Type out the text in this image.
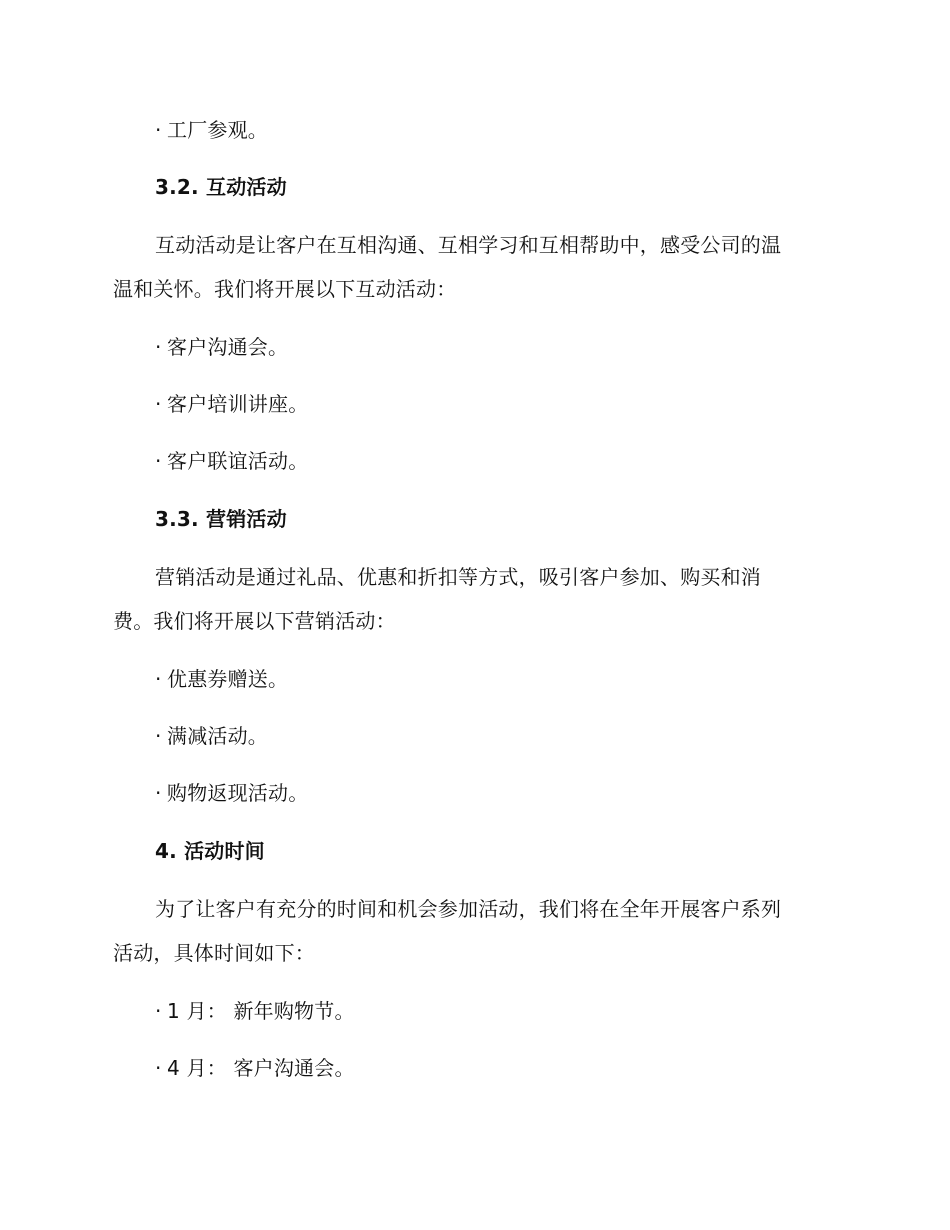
· 工厂参观。
3.2. 互动活动
互动活动是让客户在互相沟通、互相学习和互相帮助中，感受公司的温
温和关怀。我们将开展以下互动活动：
· 客户沟通会。
· 客户培训讲座。
· 客户联谊活动。
3.3. 营销活动
营销活动是通过礼品、优惠和折扣等方式，吸引客户参加、购买和消
费。我们将开展以下营销活动：
· 优惠券赠送。
· 满减活动。
· 购物返现活动。
4. 活动时间
为了让客户有充分的时间和机会参加活动，我们将在全年开展客户系列
活动，具体时间如下：
· 1 月： 新年购物节。
· 4 月： 客户沟通会。
